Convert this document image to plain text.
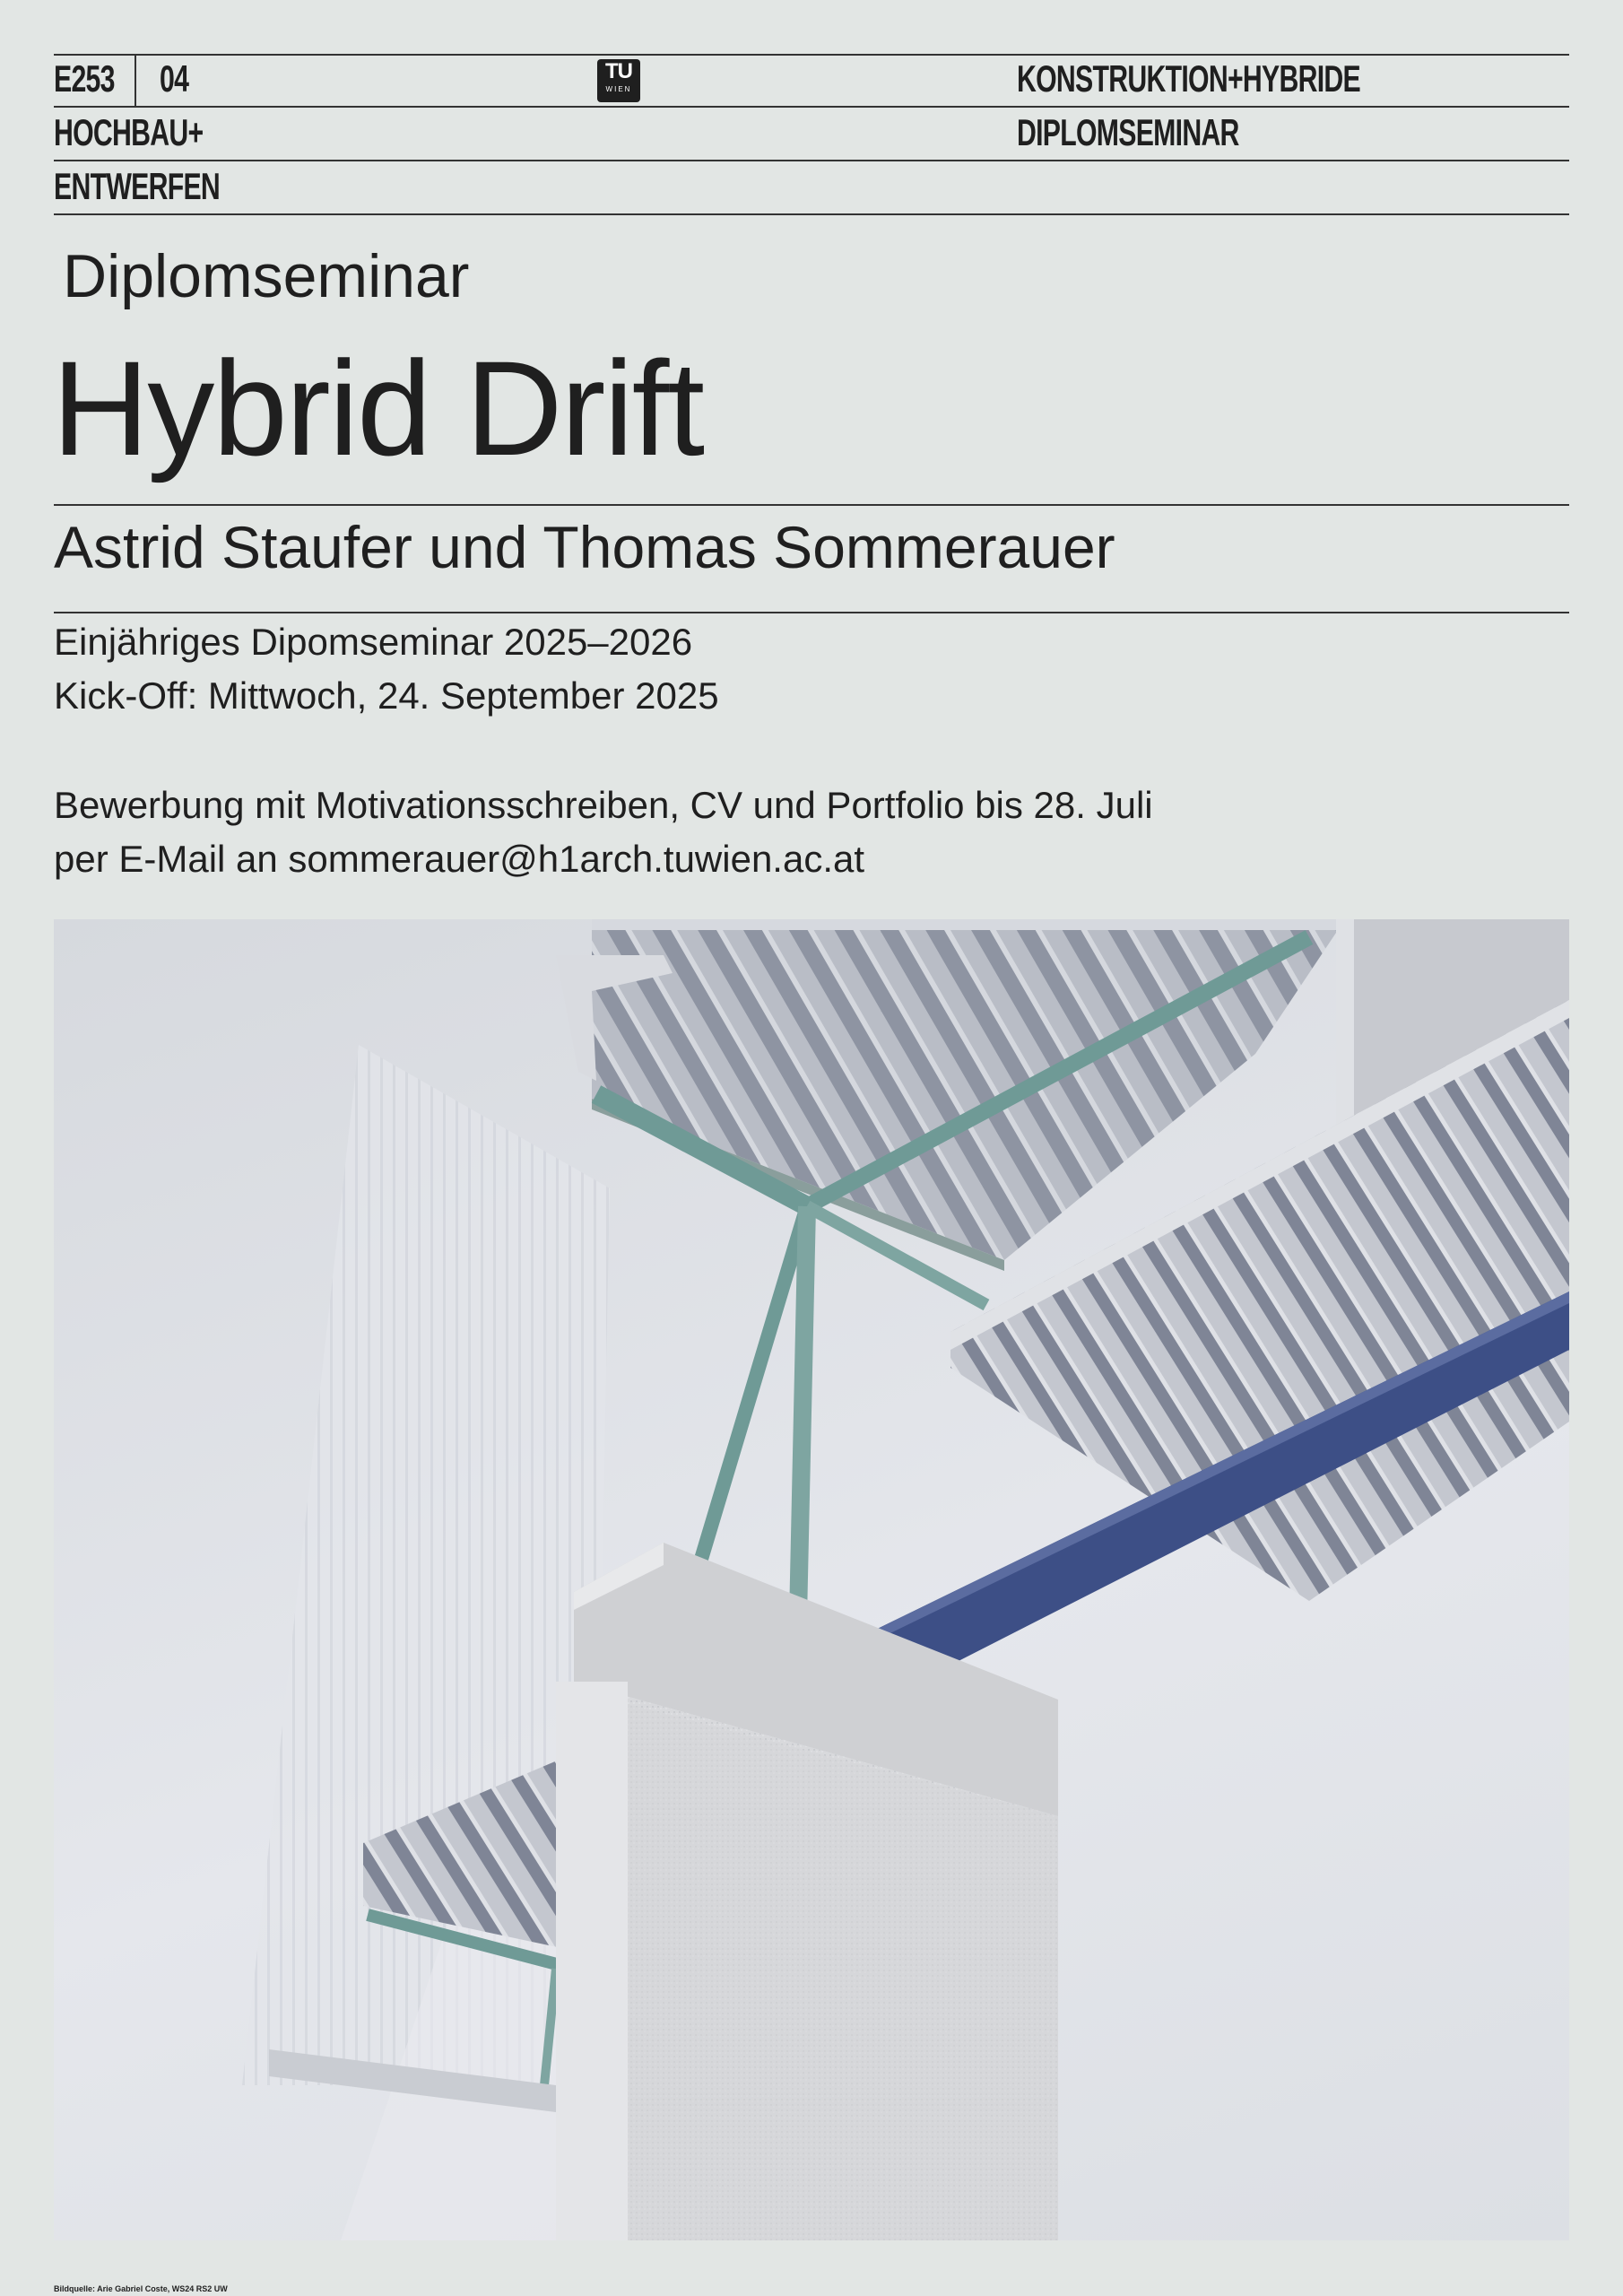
E253 04
HOCHBAU+
ENTWERFEN
TU
WIEN	KONSTRUKTION+HYBRIDE
DIPLOMSEMINAR
Diplomseminar
Hybrid Drift
Astrid Staufer und Thomas Sommerauer
Einjähriges Dipomseminar 2025–2026
Kick-Off: Mittwoch, 24. September 2025
Bewerbung mit Motivationsschreiben, CV und Portfolio bis 28. Juli
per E-Mail an sommerauer@h1arch.tuwien.ac.at
Bildquelle: Arie Gabriel Coste, WS24 RS2 UW
